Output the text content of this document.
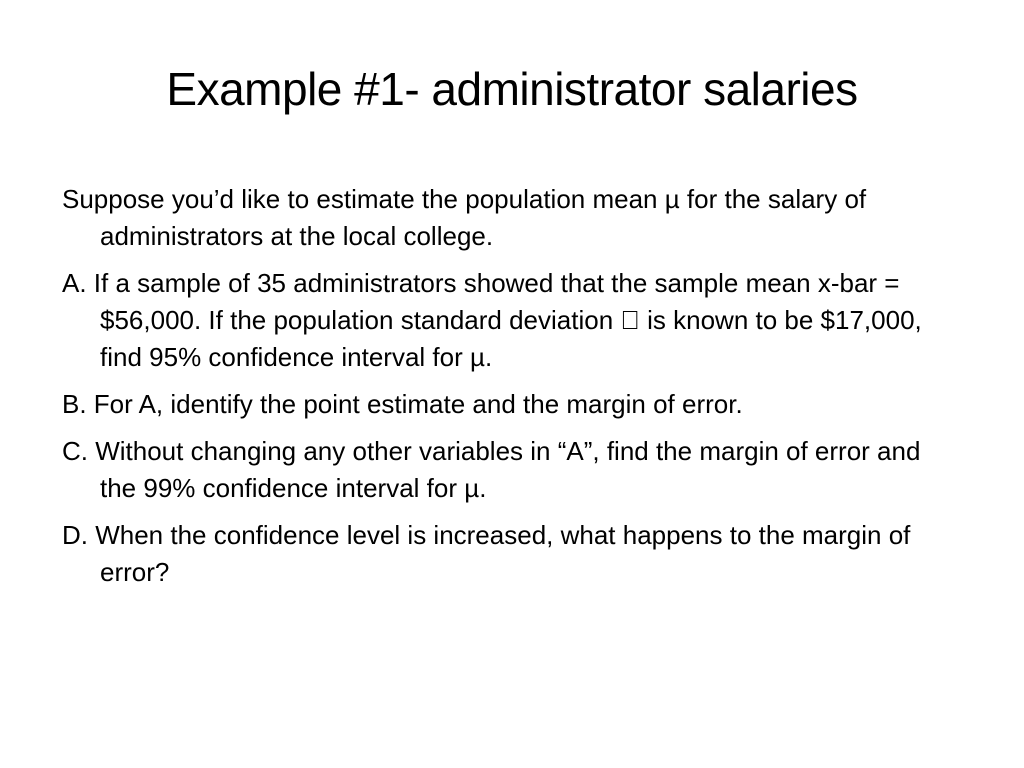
Example #1- administrator salaries
Suppose you’d like to estimate the population mean µ for the salary of administrators at the local college.
A. If a sample of 35 administrators showed that the sample mean x-bar = $56,000. If the population standard deviation is known to be $17,000, find 95% confidence interval for µ.
B. For A, identify the point estimate and the margin of error.
C. Without changing any other variables in “A”, find the margin of error and the 99% confidence interval for µ.
D. When the confidence level is increased, what happens to the margin of error?
